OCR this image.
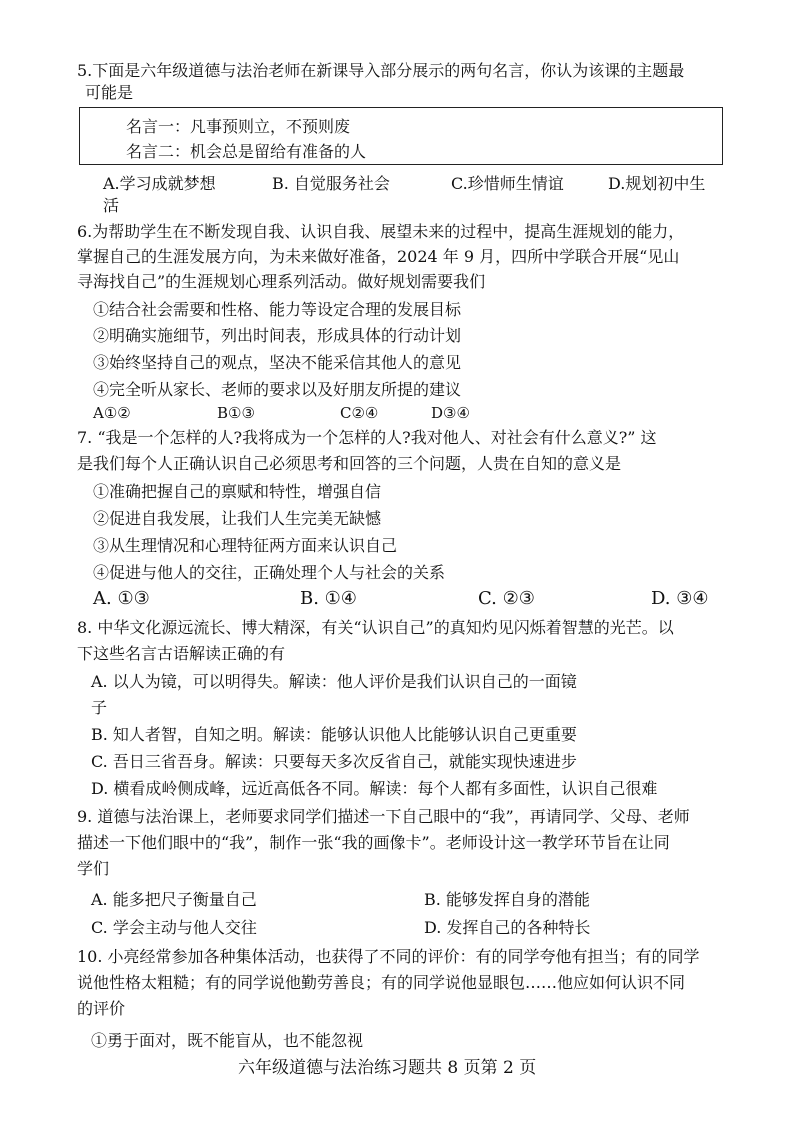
5.下面是六年级道德与法治老师在新课导入部分展示的两句名言，你认为该课的主题最
可能是
名言一：凡事预则立，不预则废
名言二：机会总是留给有准备的人
A.学习成就梦想	B. 自觉服务社会	C.珍惜师生情谊	D.规划初中生
活
6.为帮助学生在不断发现自我、认识自我、展望未来的过程中，提高生涯规划的能力，
掌握自己的生涯发展方向，为未来做好准备，2024 年 9 月，四所中学联合开展“见山
寻海找自己”的生涯规划心理系列活动。做好规划需要我们
①结合社会需要和性格、能力等设定合理的发展目标
②明确实施细节，列出时间表，形成具体的行动计划
③始终坚持自己的观点，坚决不能采信其他人的意见
④完全听从家长、老师的要求以及好朋友所提的建议
A①②	B①③	C②④	D③④
7. “我是一个怎样的人?我将成为一个怎样的人?我对他人、对社会有什么意义?” 这
是我们每个人正确认识自己必须思考和回答的三个问题，人贵在自知的意义是
①准确把握自己的禀赋和特性，增强自信
②促进自我发展，让我们人生完美无缺憾
③从生理情况和心理特征两方面来认识自己
④促进与他人的交往，正确处理个人与社会的关系
A. ①③	B. ①④	C. ②③	D. ③④
8. 中华文化源远流长、博大精深，有关“认识自己”的真知灼见闪烁着智慧的光芒。以
下这些名言古语解读正确的有
A. 以人为镜，可以明得失。解读：他人评价是我们认识自己的一面镜
子
B. 知人者智，自知之明。解读：能够认识他人比能够认识自己更重要
C. 吾日三省吾身。解读：只要每天多次反省自己，就能实现快速进步
D. 横看成岭侧成峰，远近高低各不同。解读：每个人都有多面性，认识自己很难
9. 道德与法治课上，老师要求同学们描述一下自己眼中的“我”，再请同学、父母、老师
描述一下他们眼中的“我”，制作一张“我的画像卡”。老师设计这一教学环节旨在让同
学们
A. 能多把尺子衡量自己	B. 能够发挥自身的潜能
C. 学会主动与他人交往	D. 发挥自己的各种特长
10. 小亮经常参加各种集体活动，也获得了不同的评价：有的同学夸他有担当；有的同学
说他性格太粗糙；有的同学说他勤劳善良；有的同学说他显眼包……他应如何认识不同
的评价
①勇于面对，既不能盲从，也不能忽视
六年级道德与法治练习题共 8 页第 2 页
